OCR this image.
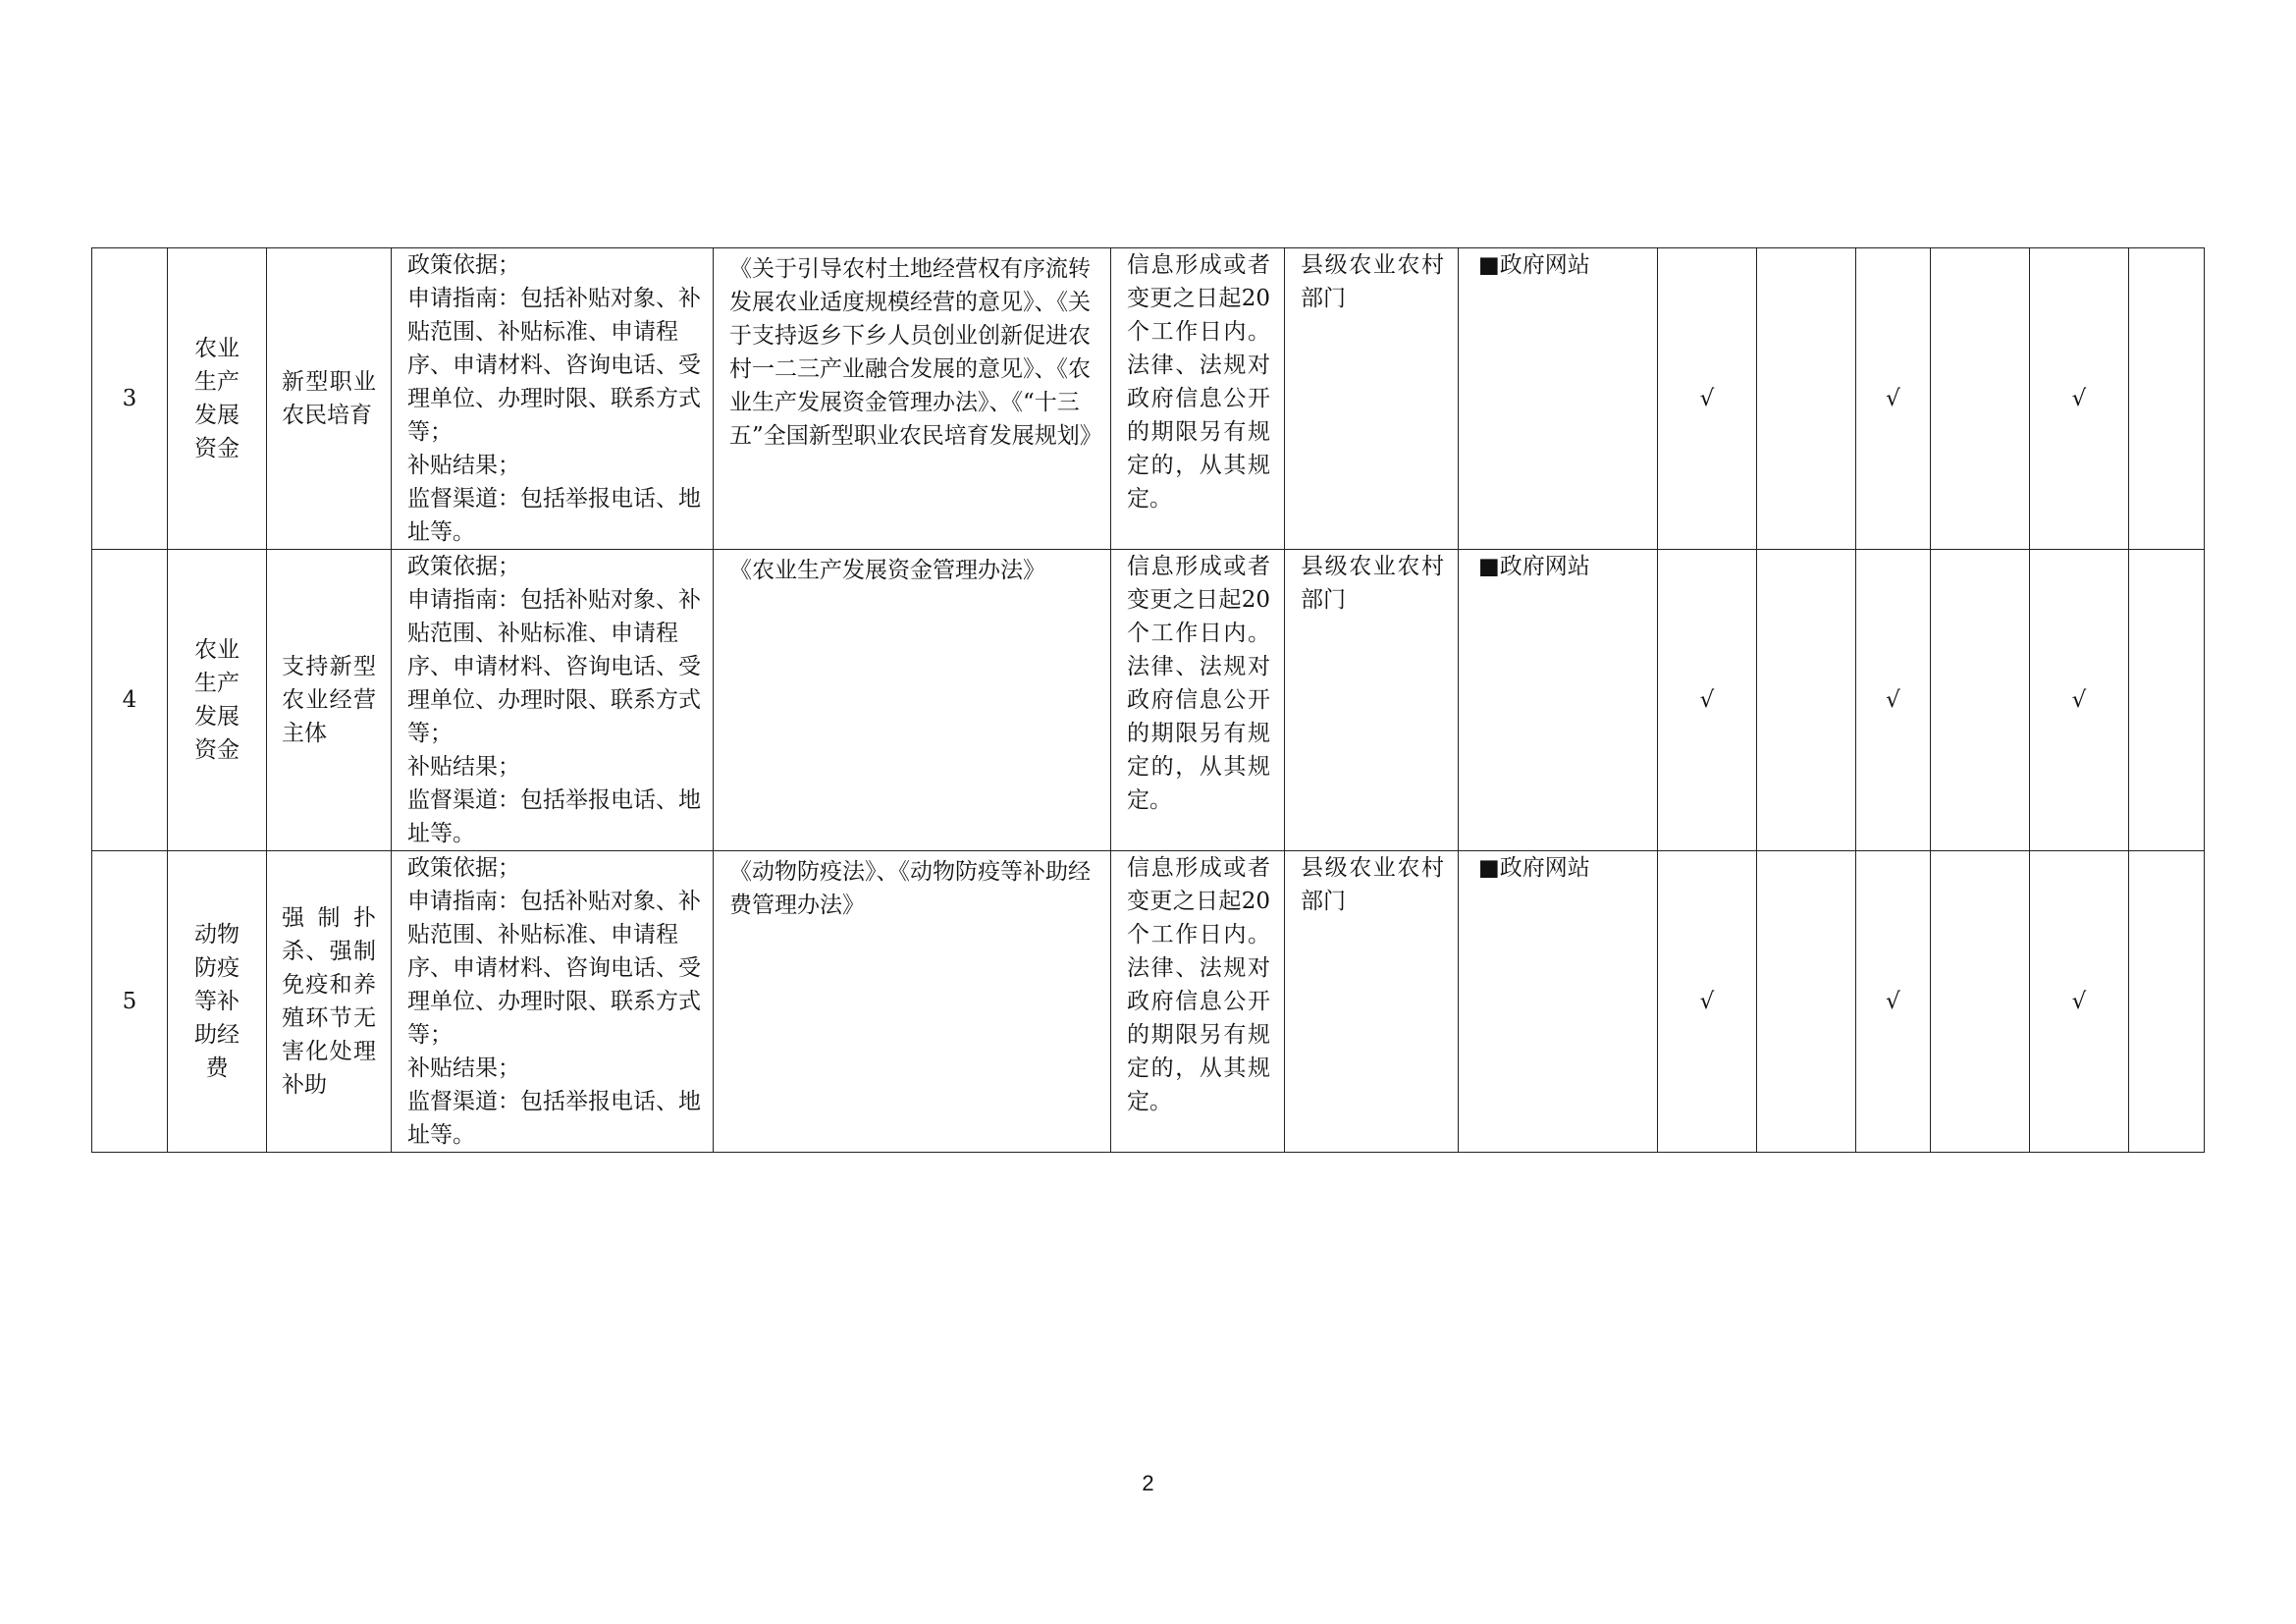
3	农业生产发展资金	新型职业农民培育	政策依据；
申请指南：包括补贴对象、补贴范围、补贴标准、申请程序、申请材料、咨询电话、受理单位、办理时限、联系方式等；
补贴结果；
监督渠道：包括举报电话、地址等。	《关于引导农村土地经营权有序流转发展农业适度规模经营的意见》、《关于支持返乡下乡人员创业创新促进农村一二三产业融合发展的意见》、《农业生产发展资金管理办法》、《“十三五”全国新型职业农民培育发展规划》	信息形成或者变更之日起20个工作日内。法律、法规对政府信息公开的期限另有规定的，从其规定。	县级农业农村部门	■政府网站	√		√		√	
4	农业生产发展资金	支持新型农业经营主体	政策依据；
申请指南：包括补贴对象、补贴范围、补贴标准、申请程序、申请材料、咨询电话、受理单位、办理时限、联系方式等；
补贴结果；
监督渠道：包括举报电话、地址等。	《农业生产发展资金管理办法》	信息形成或者变更之日起20个工作日内。法律、法规对政府信息公开的期限另有规定的，从其规定。	县级农业农村部门	■政府网站	√		√		√	
5	动物防疫等补助经费	强制扑杀、强制免疫和养殖环节无害化处理补助	政策依据；
申请指南：包括补贴对象、补贴范围、补贴标准、申请程序、申请材料、咨询电话、受理单位、办理时限、联系方式等；
补贴结果；
监督渠道：包括举报电话、地址等。	《动物防疫法》、《动物防疫等补助经费管理办法》	信息形成或者变更之日起20个工作日内。法律、法规对政府信息公开的期限另有规定的，从其规定。	县级农业农村部门	■政府网站	√		√		√	
2
